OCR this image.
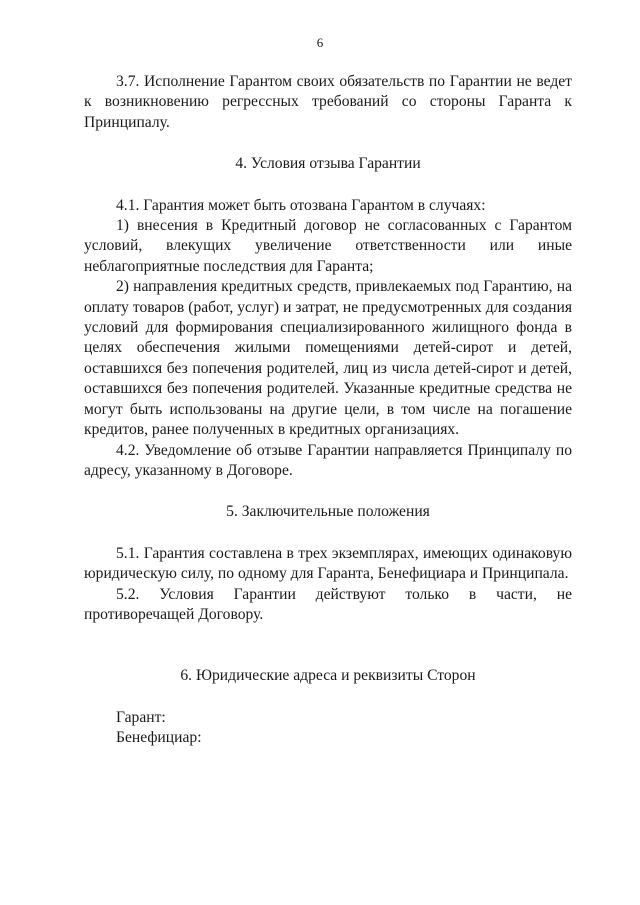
6

3.7. Исполнение Гарантом своих обязательств по Гарантии не ведет к возникновению регрессных требований со стороны Гаранта к Принципалу.

4. Условия отзыва Гарантии

4.1. Гарантия может быть отозвана Гарантом в случаях:

1) внесения в Кредитный договор не согласованных с Гарантом условий, влекущих увеличение ответственности или иные неблагоприятные последствия для Гаранта;

2) направления кредитных средств, привлекаемых под Гарантию, на оплату товаров (работ, услуг) и затрат, не предусмотренных для создания условий для формирования специализированного жилищного фонда в целях обеспечения жилыми помещениями детей-сирот и детей, оставшихся без попечения родителей, лиц из числа детей-сирот и детей, оставшихся без попечения родителей. Указанные кредитные средства не могут быть использованы на другие цели, в том числе на погашение кредитов, ранее полученных в кредитных организациях.

4.2. Уведомление об отзыве Гарантии направляется Принципалу по адресу, указанному в Договоре.

5. Заключительные положения

5.1. Гарантия составлена в трех экземплярах, имеющих одинаковую юридическую силу, по одному для Гаранта, Бенефициара и Принципала.

5.2. Условия Гарантии действуют только в части, не противоречащей Договору.

6. Юридические адреса и реквизиты Сторон

Гарант:

Бенефициар:
